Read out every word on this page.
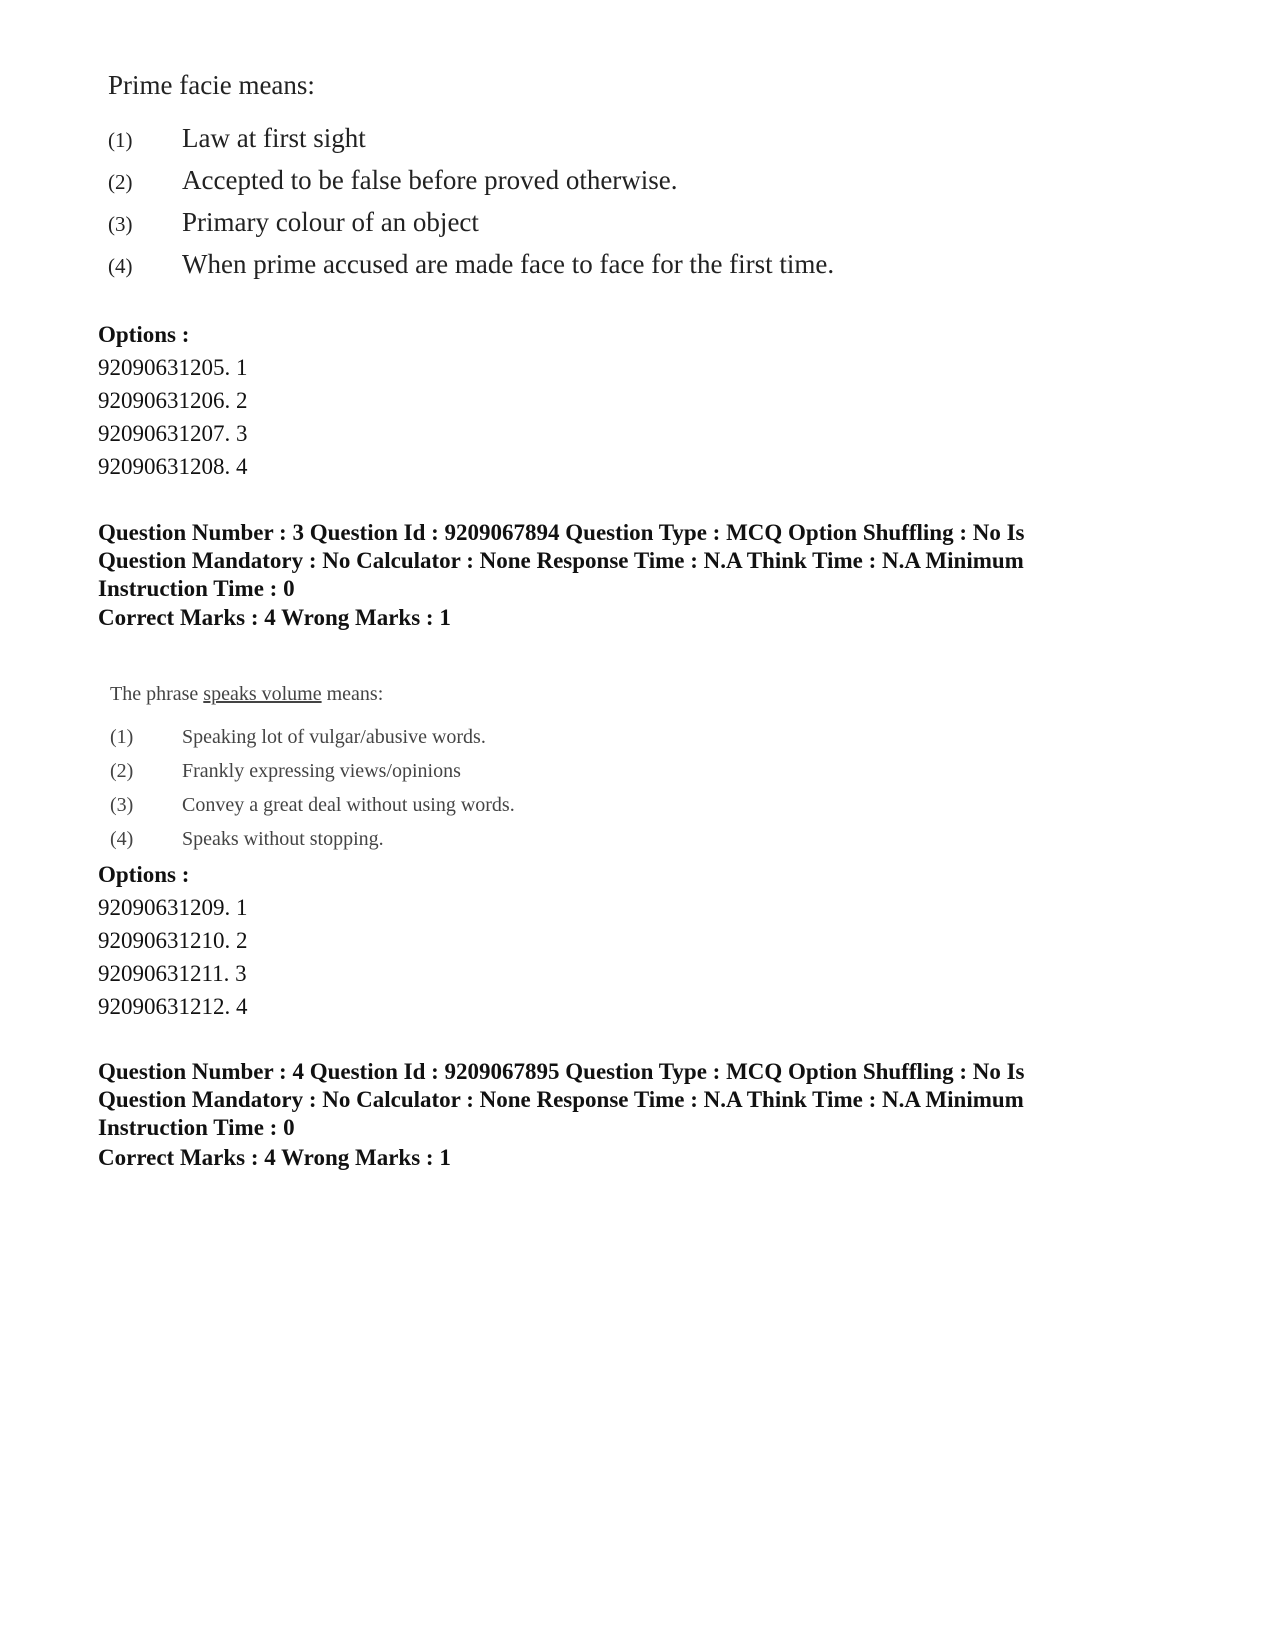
Prime facie means:
(1) Law at first sight
(2) Accepted to be false before proved otherwise.
(3) Primary colour of an object
(4) When prime accused are made face to face for the first time.
Options :
92090631205. 1
92090631206. 2
92090631207. 3
92090631208. 4
Question Number : 3 Question Id : 9209067894 Question Type : MCQ Option Shuffling : No Is
Question Mandatory : No Calculator : None Response Time : N.A Think Time : N.A Minimum
Instruction Time : 0
Correct Marks : 4 Wrong Marks : 1
The phrase speaks volume means:
(1) Speaking lot of vulgar/abusive words.
(2) Frankly expressing views/opinions
(3) Convey a great deal without using words.
(4) Speaks without stopping.
Options :
92090631209. 1
92090631210. 2
92090631211. 3
92090631212. 4
Question Number : 4 Question Id : 9209067895 Question Type : MCQ Option Shuffling : No Is
Question Mandatory : No Calculator : None Response Time : N.A Think Time : N.A Minimum
Instruction Time : 0
Correct Marks : 4 Wrong Marks : 1
